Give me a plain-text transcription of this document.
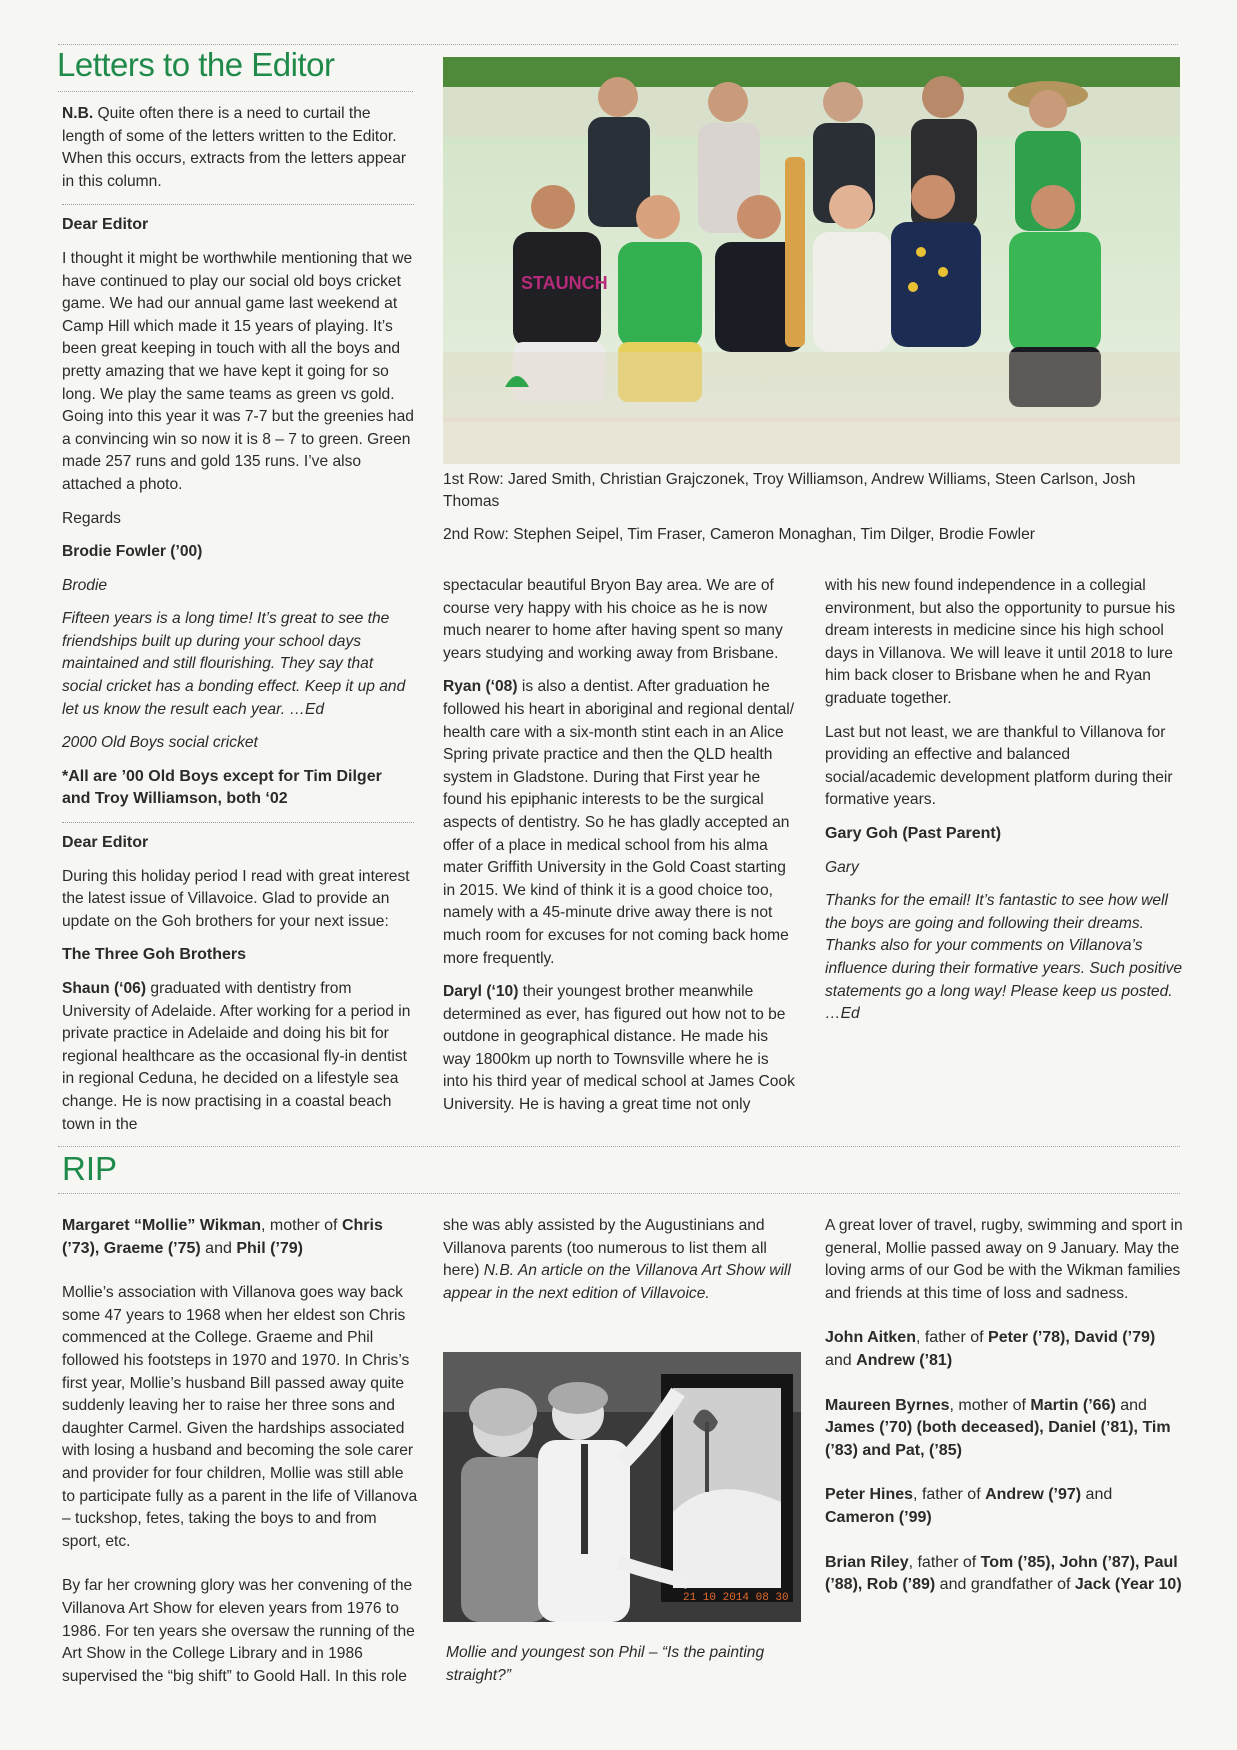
Letters to the Editor

N.B. Quite often there is a need to curtail the length of some of the letters written to the Editor. When this occurs, extracts from the letters appear in this column.

Dear Editor

I thought it might be worthwhile mentioning that we have continued to play our social old boys cricket game. We had our annual game last weekend at Camp Hill which made it 15 years of playing. It’s been great keeping in touch with all the boys and pretty amazing that we have kept it going for so long. We play the same teams as green vs gold. Going into this year it was 7-7 but the greenies had a convincing win so now it is 8 – 7 to green. Green made 257 runs and gold 135 runs. I’ve also attached a photo.

Regards

Brodie Fowler (’00)

Brodie

Fifteen years is a long time! It’s great to see the friendships built up during your school days maintained and still flourishing. They say that social cricket has a bonding effect. Keep it up and let us know the result each year. …Ed

2000 Old Boys social cricket

*All are ’00 Old Boys except for Tim Dilger and Troy Williamson, both ‘02

Dear Editor

During this holiday period I read with great interest the latest issue of Villavoice. Glad to provide an update on the Goh brothers for your next issue:

The Three Goh Brothers

Shaun (‘06) graduated with dentistry from University of Adelaide. After working for a period in private practice in Adelaide and doing his bit for regional healthcare as the occasional fly-in dentist in regional Ceduna, he decided on a lifestyle sea change. He is now practising in a coastal beach town in the

STAUNCH

1st Row: Jared Smith, Christian Grajczonek, Troy Williamson, Andrew Williams, Steen Carlson, Josh Thomas

2nd Row: Stephen Seipel, Tim Fraser, Cameron Monaghan, Tim Dilger, Brodie Fowler

spectacular beautiful Bryon Bay area. We are of course very happy with his choice as he is now much nearer to home after having spent so many years studying and working away from Brisbane.

Ryan (‘08) is also a dentist. After graduation he followed his heart in aboriginal and regional dental/ health care with a six-month stint each in an Alice Spring private practice and then the QLD health system in Gladstone. During that First year he found his epiphanic interests to be the surgical aspects of dentistry. So he has gladly accepted an offer of a place in medical school from his alma mater Griffith University in the Gold Coast starting in 2015. We kind of think it is a good choice too, namely with a 45-minute drive away there is not much room for excuses for not coming back home more frequently.

Daryl (‘10) their youngest brother meanwhile determined as ever, has figured out how not to be outdone in geographical distance. He made his way 1800km up north to Townsville where he is into his third year of medical school at James Cook University. He is having a great time not only

with his new found independence in a collegial environment, but also the opportunity to pursue his dream interests in medicine since his high school days in Villanova. We will leave it until 2018 to lure him back closer to Brisbane when he and Ryan graduate together.

Last but not least, we are thankful to Villanova for providing an effective and balanced social/academic development platform during their formative years.

Gary Goh (Past Parent)

Gary

Thanks for the email! It’s fantastic to see how well the boys are going and following their dreams. Thanks also for your comments on Villanova’s influence during their formative years. Such positive statements go a long way! Please keep us posted. …Ed

RIP

Margaret “Mollie” Wikman, mother of Chris (’73), Graeme (’75) and Phil (’79)

Mollie’s association with Villanova goes way back some 47 years to 1968 when her eldest son Chris commenced at the College. Graeme and Phil followed his footsteps in 1970 and 1970. In Chris’s first year, Mollie’s husband Bill passed away quite suddenly leaving her to raise her three sons and daughter Carmel. Given the hardships associated with losing a husband and becoming the sole carer and provider for four children, Mollie was still able to participate fully as a parent in the life of Villanova – tuckshop, fetes, taking the boys to and from sport, etc.

By far her crowning glory was her convening of the Villanova Art Show for eleven years from 1976 to 1986. For ten years she oversaw the running of the Art Show in the College Library and in 1986 supervised the “big shift” to Goold Hall. In this role

she was ably assisted by the Augustinians and Villanova parents (too numerous to list them all here) N.B. An article on the Villanova Art Show will appear in the next edition of Villavoice.

21 10 2014 08 30
Mollie and youngest son Phil – “Is the painting straight?”

A great lover of travel, rugby, swimming and sport in general, Mollie passed away on 9 January. May the loving arms of our God be with the Wikman families and friends at this time of loss and sadness.

John Aitken, father of Peter (’78), David (’79) and Andrew (’81)

Maureen Byrnes, mother of Martin (’66) and James (’70) (both deceased), Daniel (’81), Tim (’83) and Pat, (’85)

Peter Hines, father of Andrew (’97) and Cameron (’99)

Brian Riley, father of Tom (’85), John (’87), Paul (’88), Rob (’89) and grandfather of Jack (Year 10)
